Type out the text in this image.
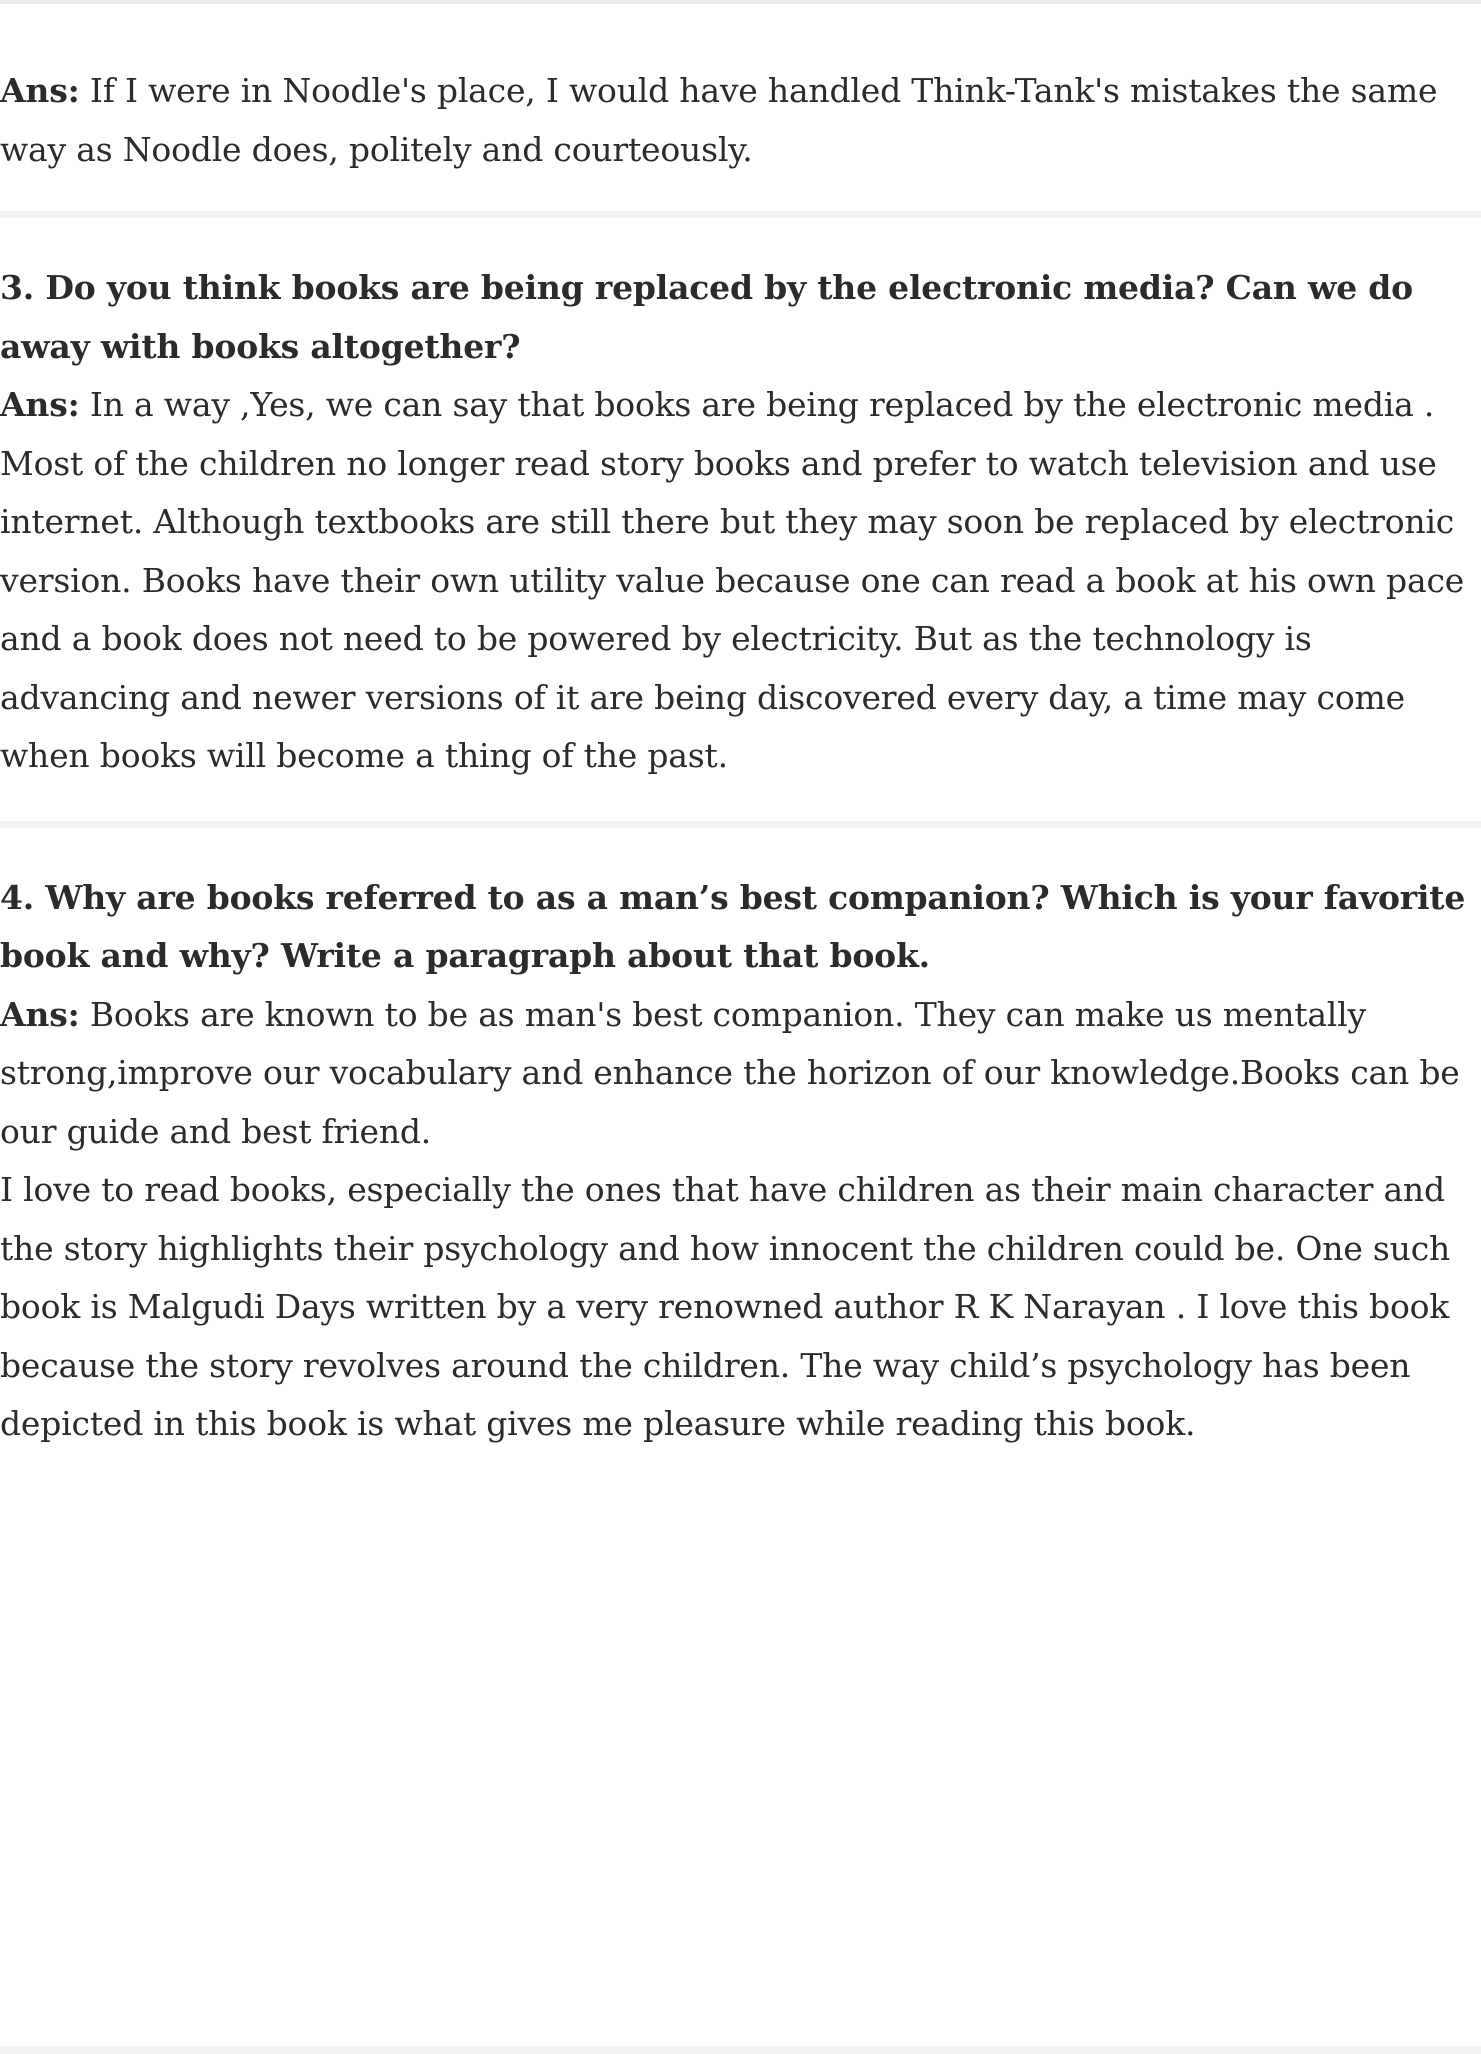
Ans: If I were in Noodle's place, I would have handled Think-Tank's mistakes the same way as Noodle does, politely and courteously.

3. Do you think books are being replaced by the electronic media? Can we do away with books altogether?

Ans: In a way ,Yes, we can say that books are being replaced by the electronic media . Most of the children no longer read story books and prefer to watch television and use internet. Although textbooks are still there but they may soon be replaced by electronic version. Books have their own utility value because one can read a book at his own pace and a book does not need to be powered by electricity. But as the technology is advancing and newer versions of it are being discovered every day, a time may come when books will become a thing of the past.

4. Why are books referred to as a man’s best companion? Which is your favorite book and why? Write a paragraph about that book.

Ans: Books are known to be as man's best companion. They can make us mentally strong,improve our vocabulary and enhance the horizon of our knowledge.Books can be our guide and best friend.

I love to read books, especially the ones that have children as their main character and the story highlights their psychology and how innocent the children could be. One such book is Malgudi Days written by a very renowned author R K Narayan . I love this book because the story revolves around the children. The way child’s psychology has been depicted in this book is what gives me pleasure while reading this book.
